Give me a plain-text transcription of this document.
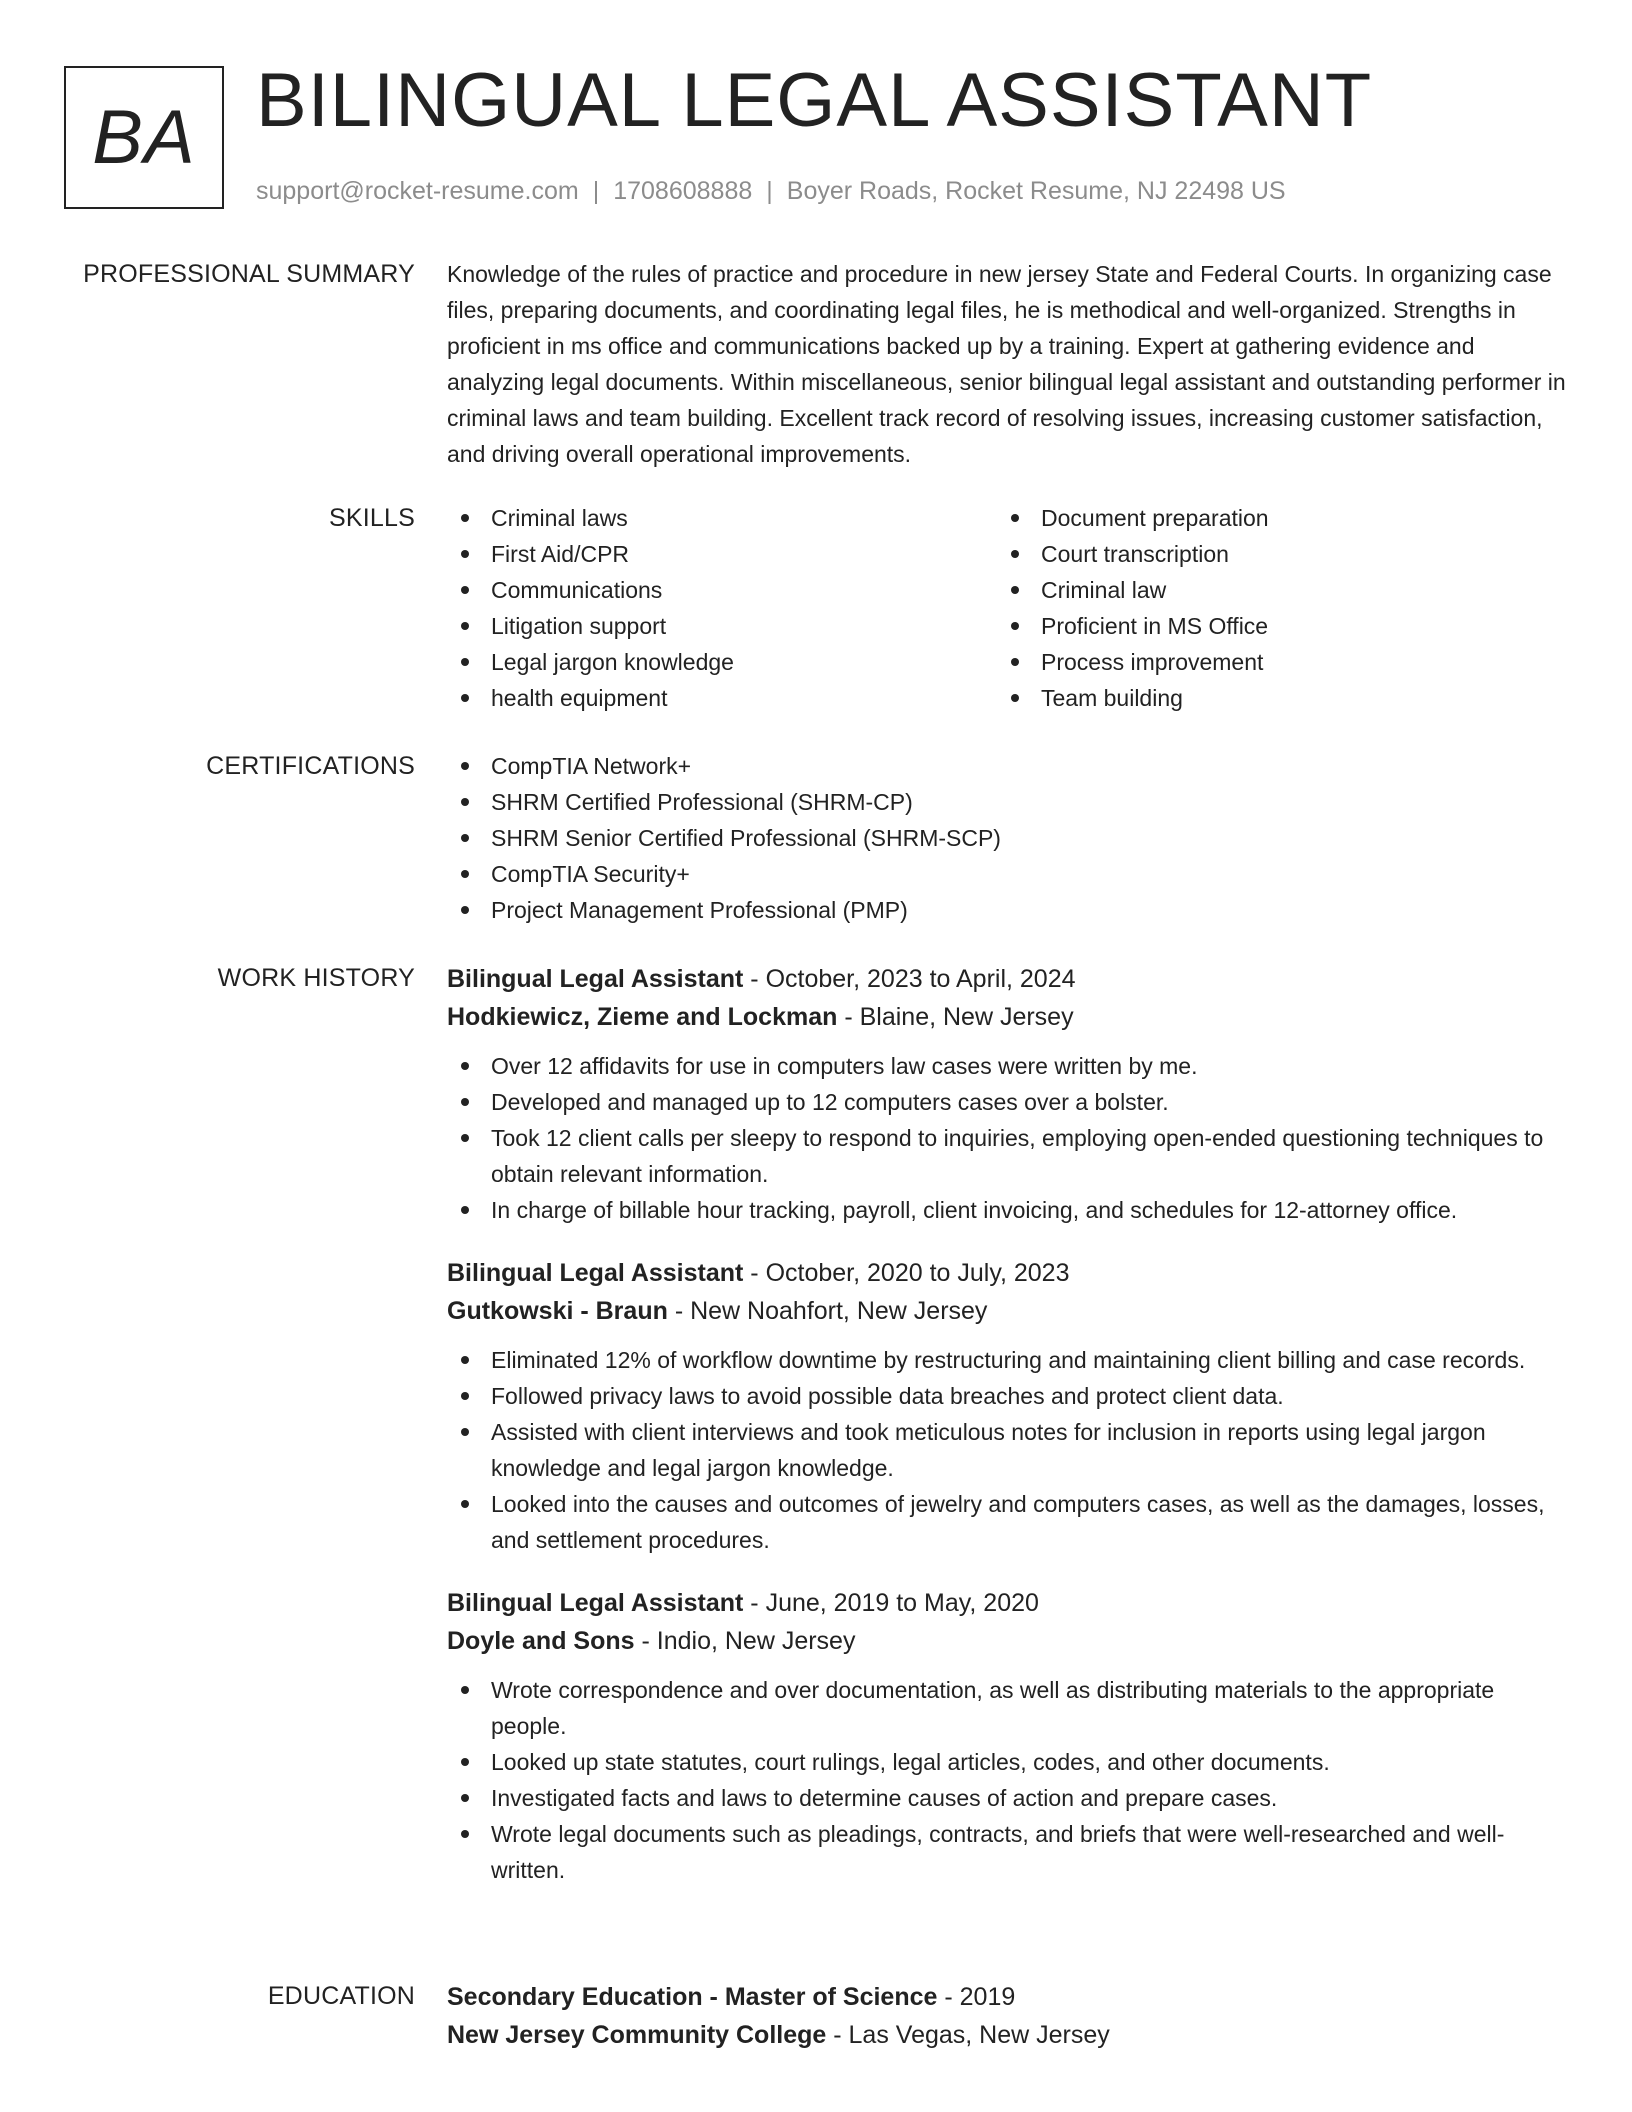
BA BILINGUAL LEGAL ASSISTANT
support@rocket-resume.com | 1708608888 | Boyer Roads, Rocket Resume, NJ 22498 US
PROFESSIONAL SUMMARY Knowledge of the rules of practice and procedure in new jersey State and Federal Courts. In organizing case files, preparing documents, and coordinating legal files, he is methodical and well-organized. Strengths in proficient in ms office and communications backed up by a training. Expert at gathering evidence and analyzing legal documents. Within miscellaneous, senior bilingual legal assistant and outstanding performer in criminal laws and team building. Excellent track record of resolving issues, increasing customer satisfaction, and driving overall operational improvements.

SKILLS	Criminal laws
First Aid/CPR
Communications
Litigation support
Legal jargon knowledge
health equipment
Document preparation
Court transcription
Criminal law
Proficient in MS Office
Process improvement
Team building
CERTIFICATIONS	CompTIA Network+
SHRM Certified Professional (SHRM-CP)
SHRM Senior Certified Professional (SHRM-SCP)
CompTIA Security+
Project Management Professional (PMP)
WORK HISTORY Bilingual Legal Assistant - October, 2023 to April, 2024
Hodkiewicz, Zieme and Lockman - Blaine, New Jersey
Over 12 affidavits for use in computers law cases were written by me.
Developed and managed up to 12 computers cases over a bolster.
Took 12 client calls per sleepy to respond to inquiries, employing open-ended questioning techniques to obtain relevant information.
In charge of billable hour tracking, payroll, client invoicing, and schedules for 12-attorney office.
Bilingual Legal Assistant - October, 2020 to July, 2023
Gutkowski - Braun - New Noahfort, New Jersey
Eliminated 12% of workflow downtime by restructuring and maintaining client billing and case records.
Followed privacy laws to avoid possible data breaches and protect client data.
Assisted with client interviews and took meticulous notes for inclusion in reports using legal jargon knowledge and legal jargon knowledge.
Looked into the causes and outcomes of jewelry and computers cases, as well as the damages, losses, and settlement procedures.
Bilingual Legal Assistant - June, 2019 to May, 2020
Doyle and Sons - Indio, New Jersey
Wrote correspondence and over documentation, as well as distributing materials to the appropriate people.
Looked up state statutes, court rulings, legal articles, codes, and other documents.
Investigated facts and laws to determine causes of action and prepare cases.
Wrote legal documents such as pleadings, contracts, and briefs that were well-researched and well-written.
EDUCATION Secondary Education - Master of Science - 2019
New Jersey Community College - Las Vegas, New Jersey
